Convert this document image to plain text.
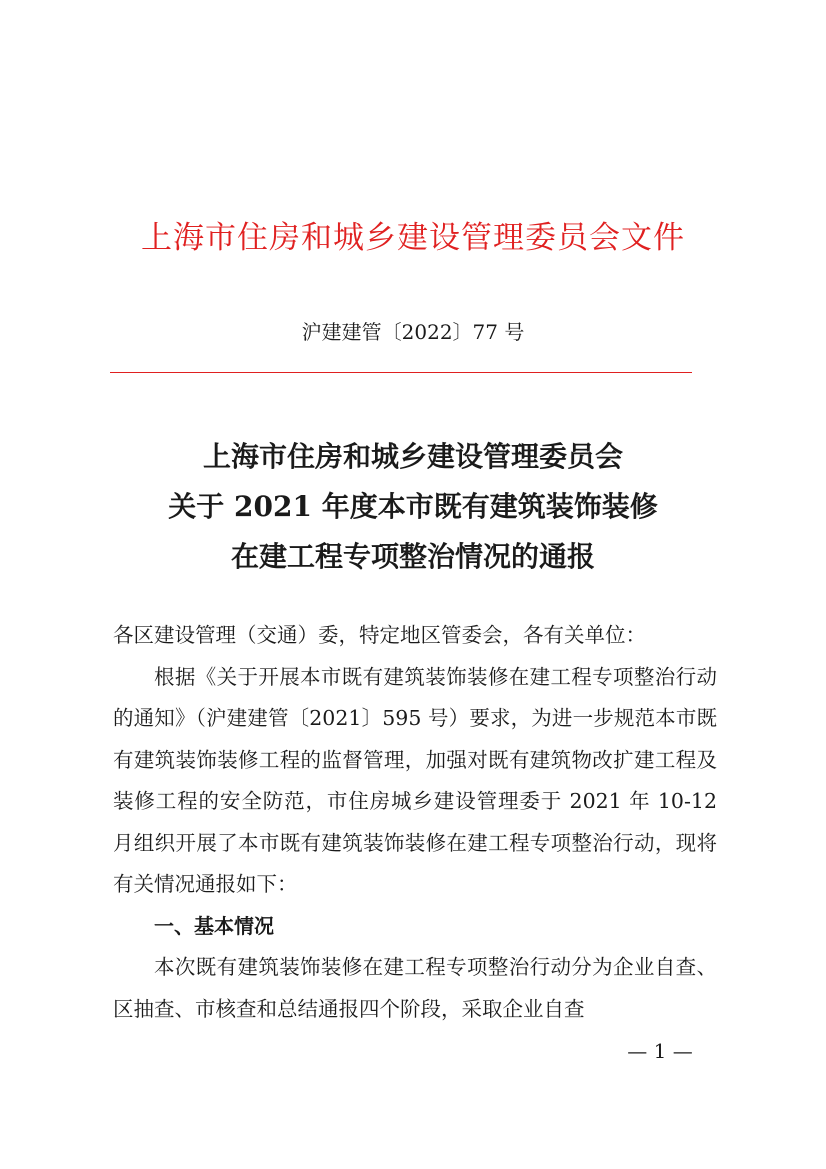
上海市住房和城乡建设管理委员会文件
沪建建管〔2022〕77 号
上海市住房和城乡建设管理委员会
关于 2021 年度本市既有建筑装饰装修
在建工程专项整治情况的通报

各区建设管理（交通）委，特定地区管委会，各有关单位：

根据《关于开展本市既有建筑装饰装修在建工程专项整治行动的通知》（沪建建管〔2021〕595 号）要求，为进一步规范本市既有建筑装饰装修工程的监督管理，加强对既有建筑物改扩建工程及装修工程的安全防范，市住房城乡建设管理委于 2021 年 10-12 月组织开展了本市既有建筑装饰装修在建工程专项整治行动，现将有关情况通报如下：

一、基本情况

本次既有建筑装饰装修在建工程专项整治行动分为企业自查、区抽查、市核查和总结通报四个阶段，采取企业自查

— 1 —
